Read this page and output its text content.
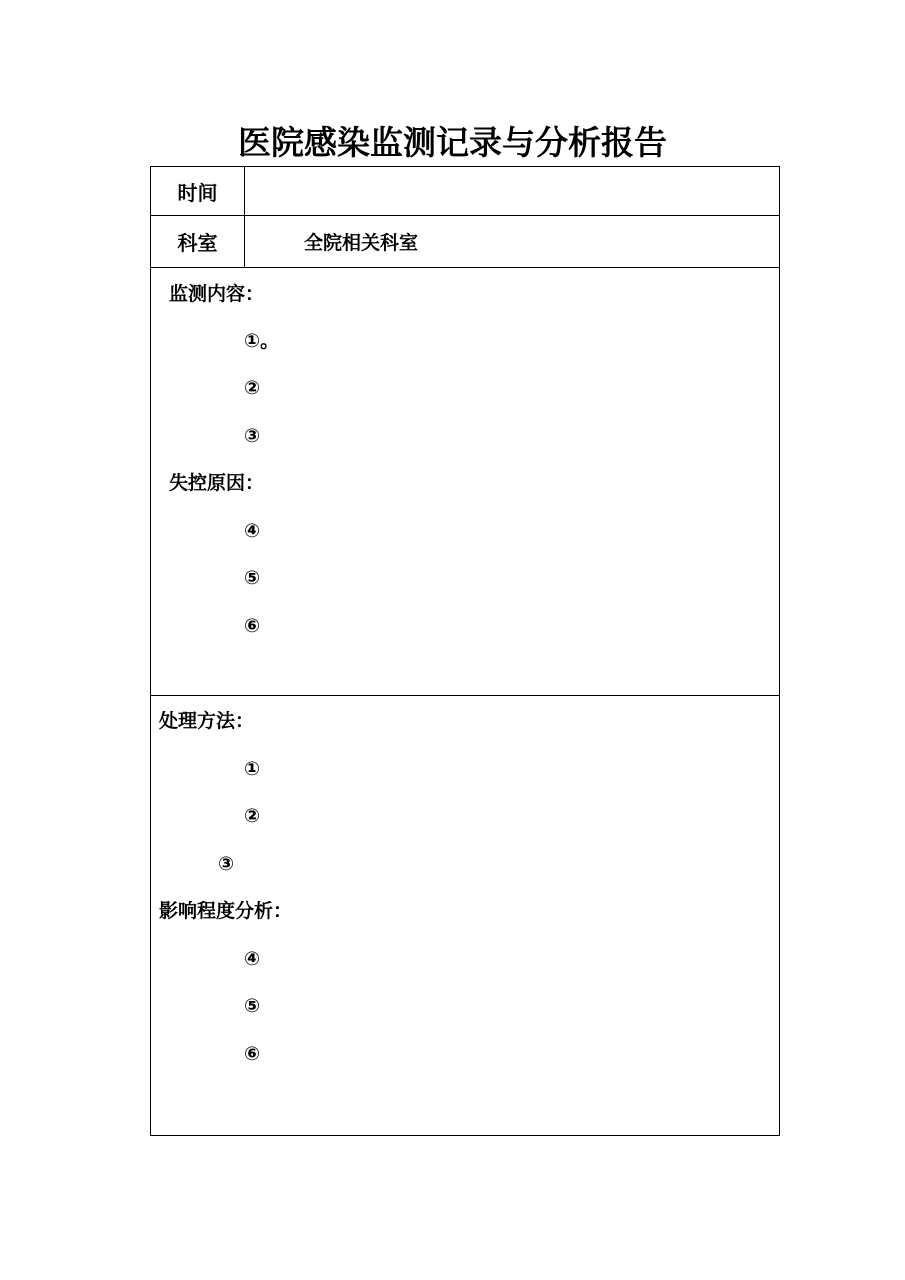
医院感染监测记录与分析报告
时间
科室	全院相关科室
监测内容：
①。
②
③
失控原因：
④
⑤
⑥
处理方法：
①
②
③
影响程度分析：
④
⑤
⑥
